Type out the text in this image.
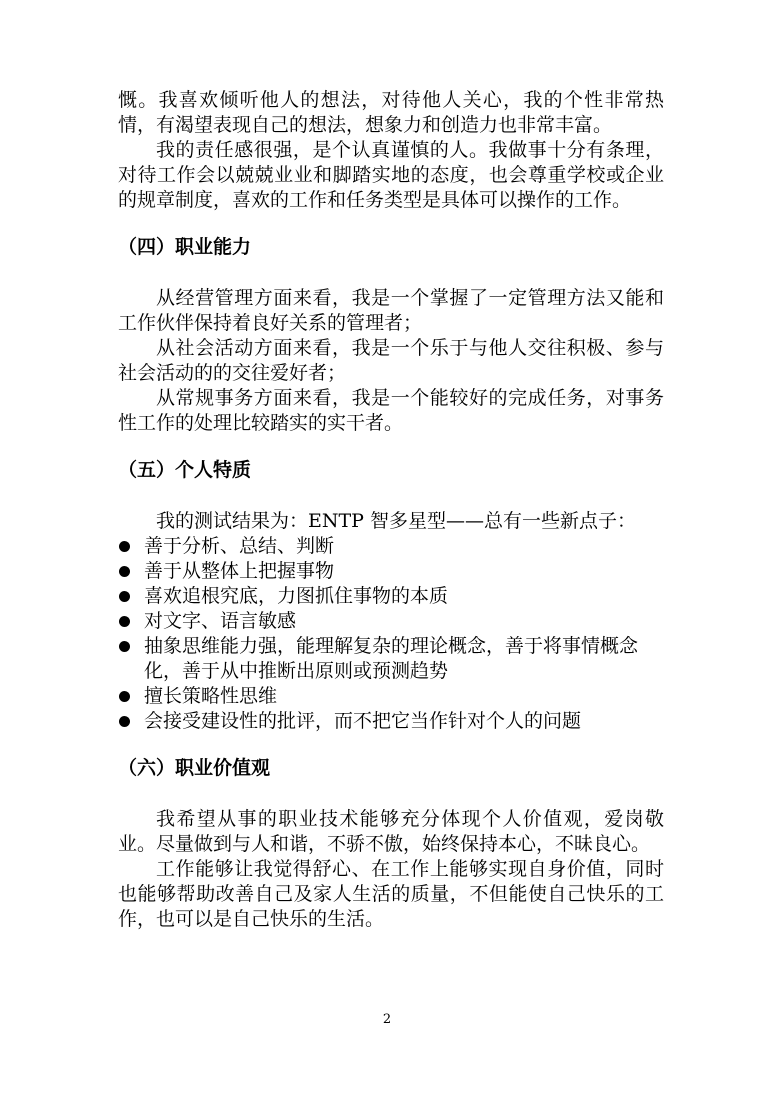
慨。我喜欢倾听他人的想法，对待他人关心，我的个性非常热情，有渴望表现自己的想法，想象力和创造力也非常丰富。

我的责任感很强，是个认真谨慎的人。我做事十分有条理，对待工作会以兢兢业业和脚踏实地的态度，也会尊重学校或企业的规章制度，喜欢的工作和任务类型是具体可以操作的工作。

（四）职业能力

从经营管理方面来看，我是一个掌握了一定管理方法又能和工作伙伴保持着良好关系的管理者；

从社会活动方面来看，我是一个乐于与他人交往积极、参与社会活动的的交往爱好者；

从常规事务方面来看，我是一个能较好的完成任务，对事务性工作的处理比较踏实的实干者。

（五）个人特质

我的测试结果为：ENTP 智多星型——总有一些新点子：

善于分析、总结、判断
善于从整体上把握事物
喜欢追根究底，力图抓住事物的本质
对文字、语言敏感
抽象思维能力强，能理解复杂的理论概念，善于将事情概念化，善于从中推断出原则或预测趋势
擅长策略性思维
会接受建设性的批评，而不把它当作针对个人的问题
（六）职业价值观

我希望从事的职业技术能够充分体现个人价值观，爱岗敬业。尽量做到与人和谐，不骄不傲，始终保持本心，不昧良心。

工作能够让我觉得舒心、在工作上能够实现自身价值，同时也能够帮助改善自己及家人生活的质量，不但能使自己快乐的工作，也可以是自己快乐的生活。

2
